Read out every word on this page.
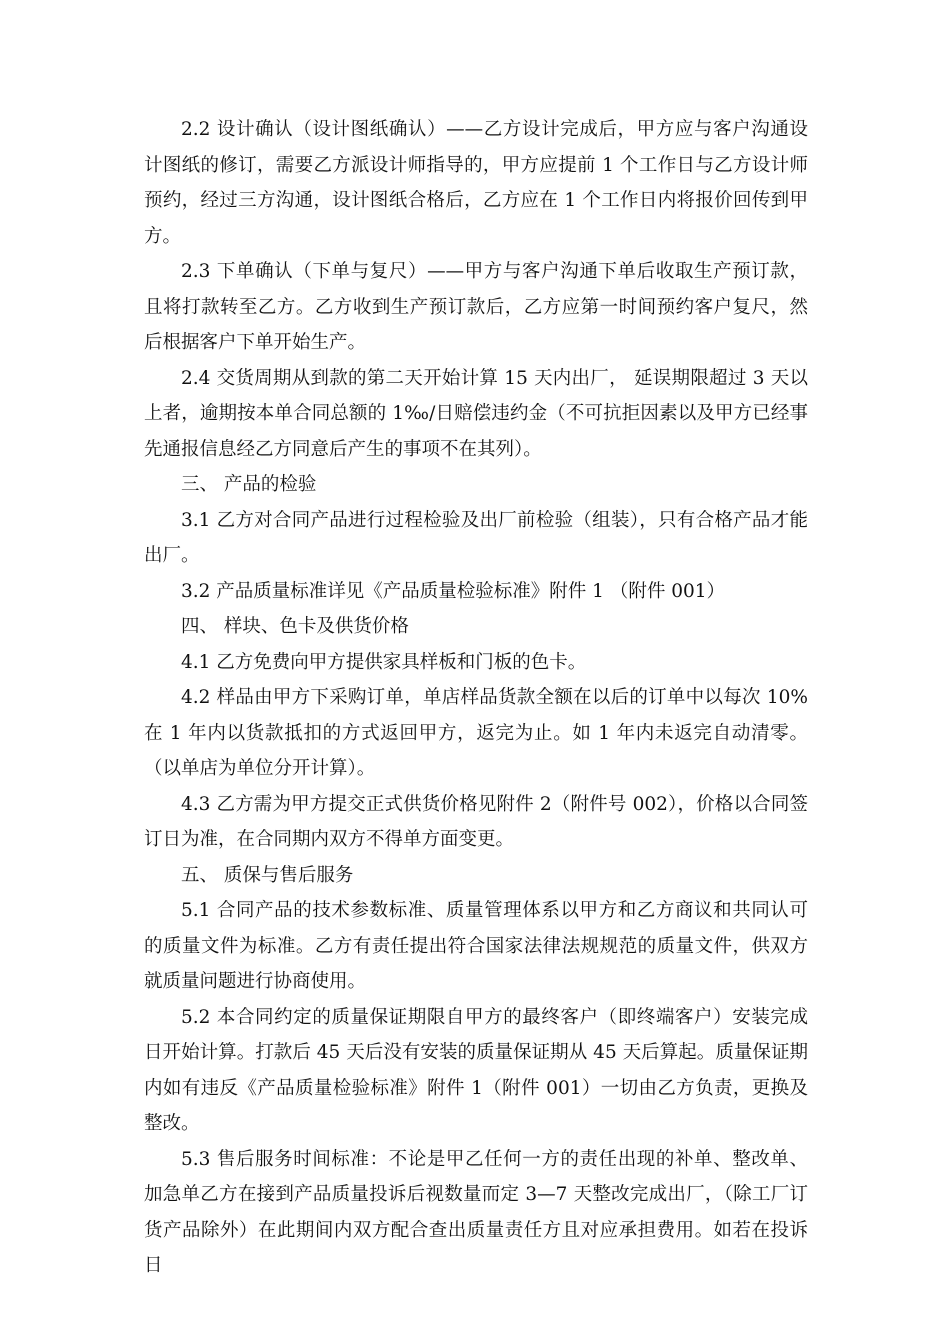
2.2 设计确认（设计图纸确认）——乙方设计完成后，甲方应与客户沟通设计图纸的修订，需要乙方派设计师指导的，甲方应提前 1 个工作日与乙方设计师预约，经过三方沟通，设计图纸合格后，乙方应在 1 个工作日内将报价回传到甲方。

2.3 下单确认（下单与复尺）——甲方与客户沟通下单后收取生产预订款，且将打款转至乙方。乙方收到生产预订款后，乙方应第一时间预约客户复尺，然后根据客户下单开始生产。

2.4 交货周期从到款的第二天开始计算 15 天内出厂， 延误期限超过 3 天以上者，逾期按本单合同总额的 1‰/日赔偿违约金（不可抗拒因素以及甲方已经事先通报信息经乙方同意后产生的事项不在其列）。

三、 产品的检验

3.1 乙方对合同产品进行过程检验及出厂前检验（组装），只有合格产品才能出厂。

3.2 产品质量标准详见《产品质量检验标准》附件 1 （附件 001）

四、 样块、色卡及供货价格

4.1 乙方免费向甲方提供家具样板和门板的色卡。

4.2 样品由甲方下采购订单，单店样品货款全额在以后的订单中以每次 10%在 1 年内以货款抵扣的方式返回甲方，返完为止。如 1 年内未返完自动清零。（以单店为单位分开计算）。

4.3 乙方需为甲方提交正式供货价格见附件 2（附件号 002），价格以合同签订日为准，在合同期内双方不得单方面变更。

五、 质保与售后服务

5.1 合同产品的技术参数标准、质量管理体系以甲方和乙方商议和共同认可的质量文件为标准。乙方有责任提出符合国家法律法规规范的质量文件，供双方就质量问题进行协商使用。

5.2 本合同约定的质量保证期限自甲方的最终客户（即终端客户）安装完成日开始计算。打款后 45 天后没有安装的质量保证期从 45 天后算起。质量保证期内如有违反《产品质量检验标准》附件 1（附件 001）一切由乙方负责，更换及整改。

5.3 售后服务时间标准：不论是甲乙任何一方的责任出现的补单、整改单、加急单乙方在接到产品质量投诉后视数量而定 3—7 天整改完成出厂，（除工厂订货产品除外）在此期间内双方配合查出质量责任方且对应承担费用。如若在投诉日
